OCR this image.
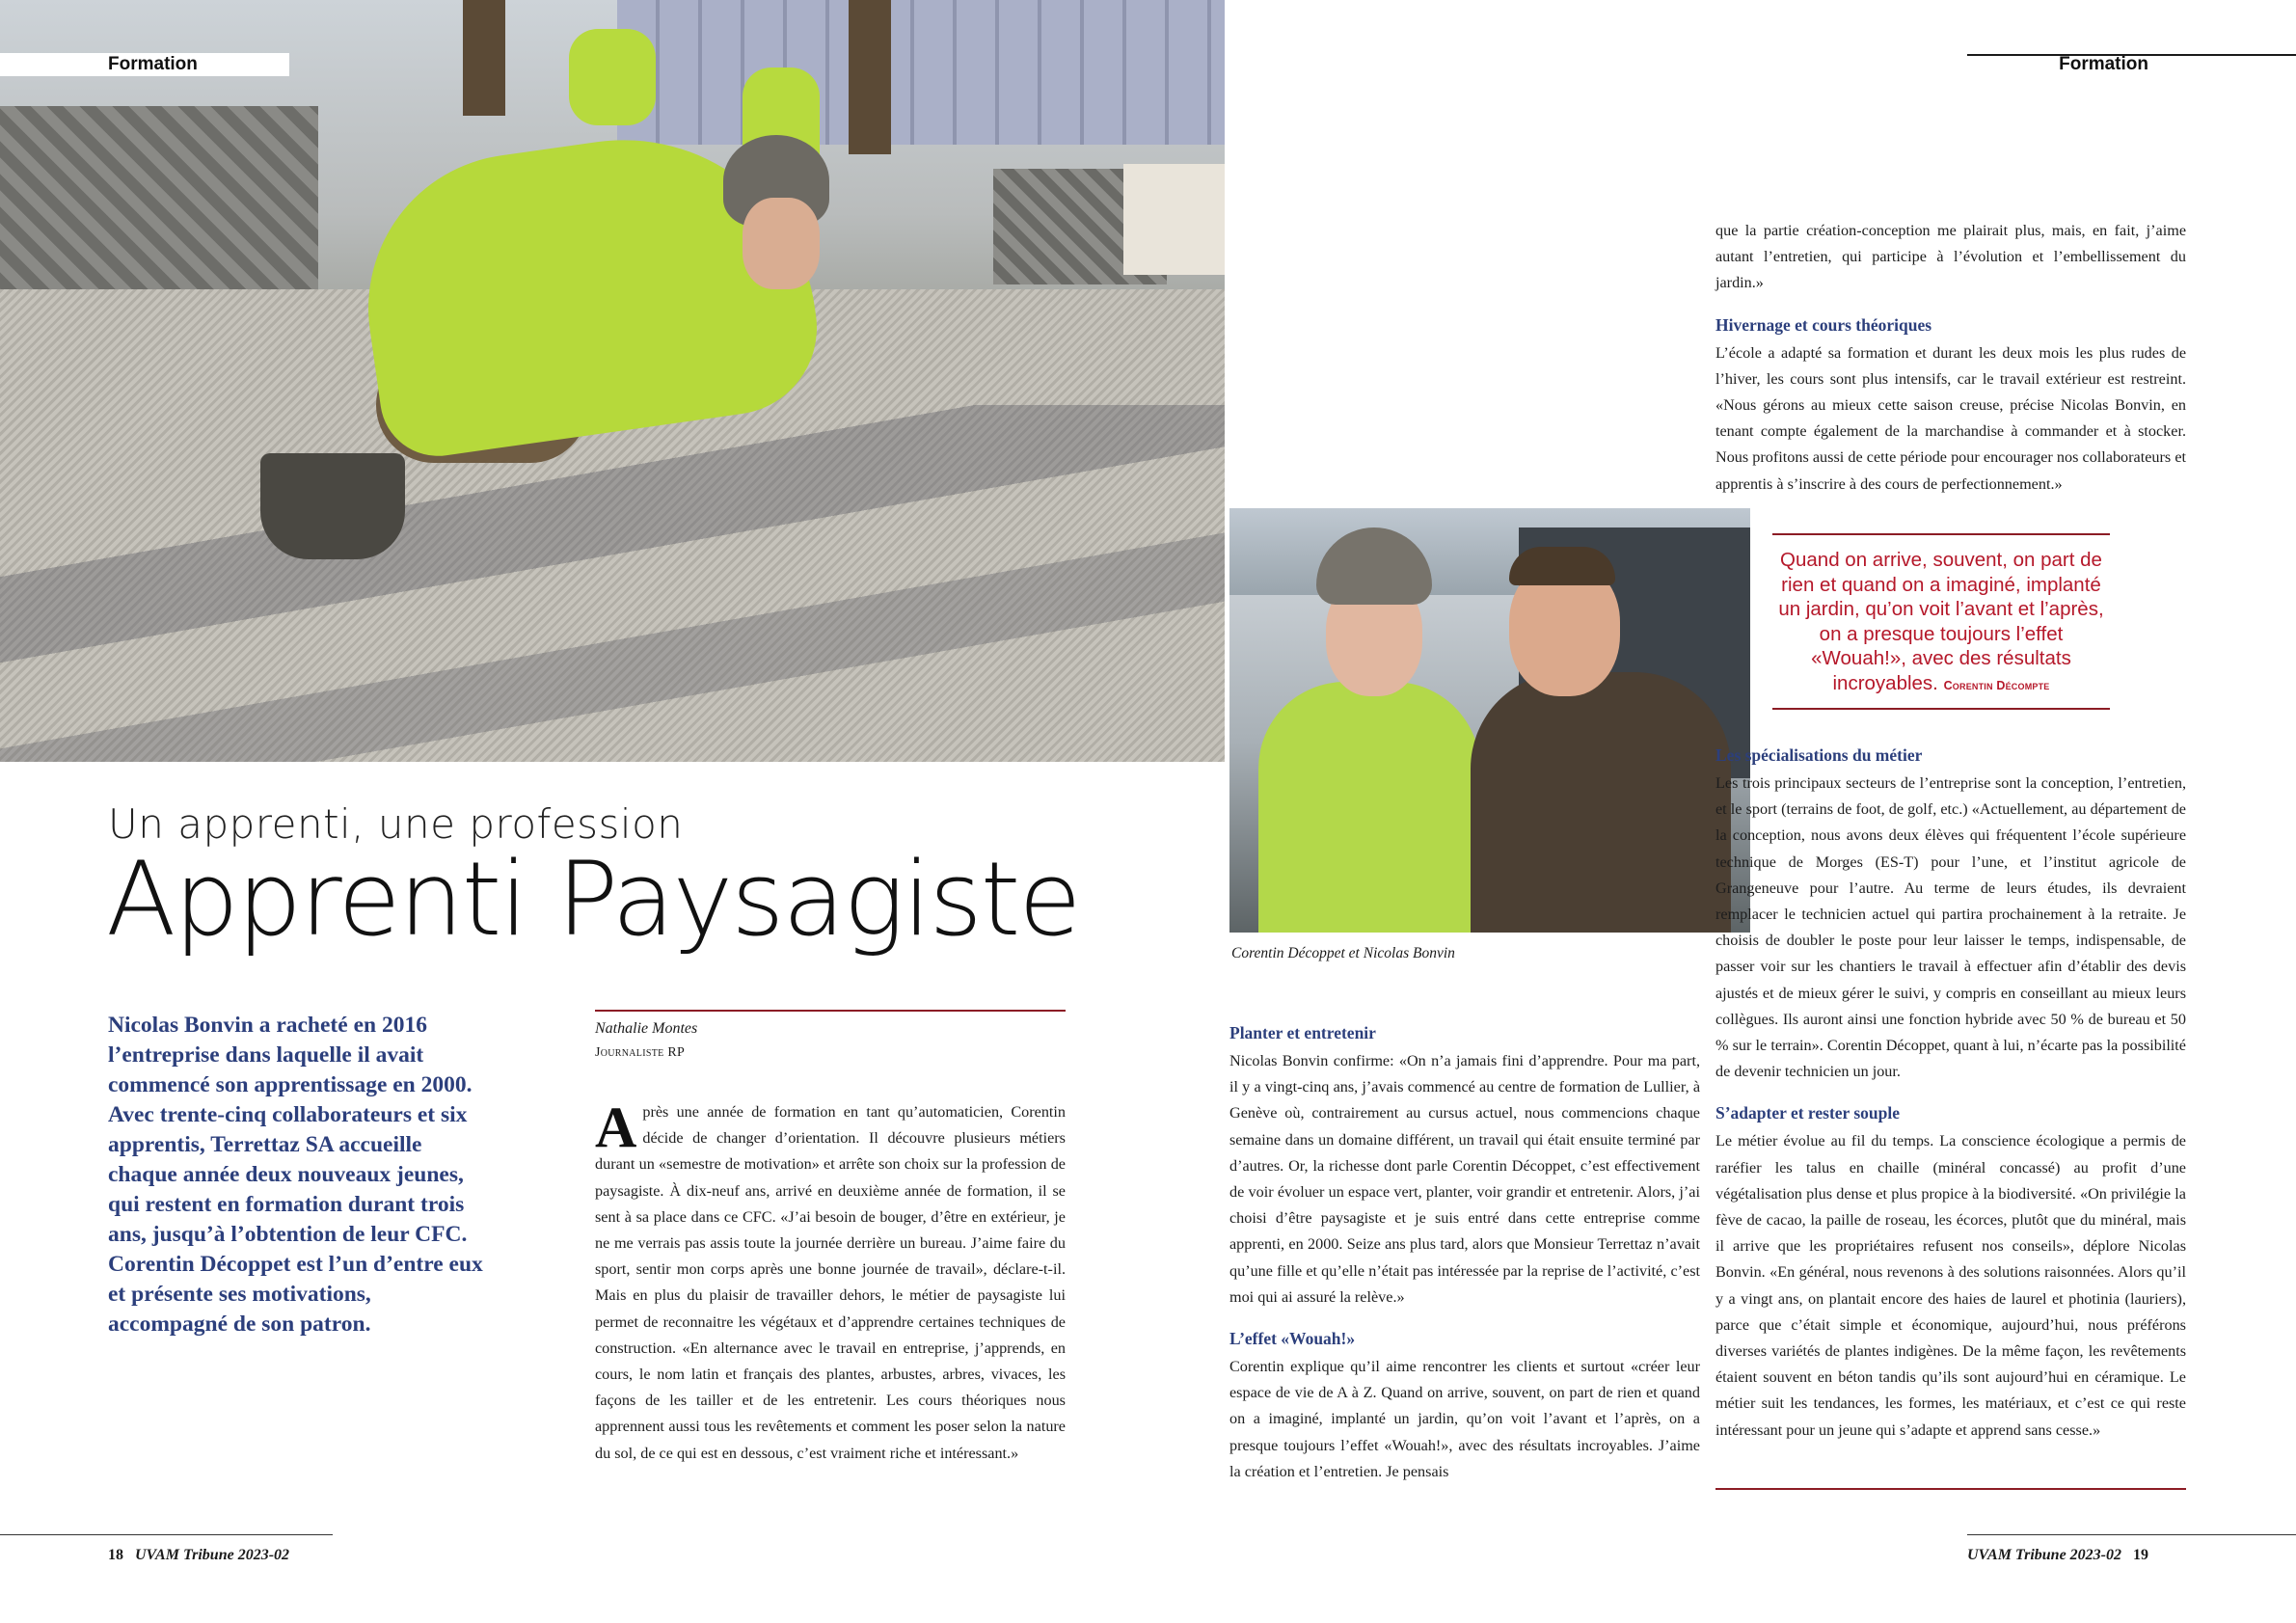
Formation	Formation
Corentin Décoppet et Nicolas Bonvin
Un apprenti, une profession
Apprenti Paysagiste
Nicolas Bonvin a racheté en 2016 l’entreprise dans laquelle il avait commencé son apprentissage en 2000. Avec trente-cinq collaborateurs et six apprentis, Terrettaz SA accueille chaque année deux nouveaux jeunes, qui restent en formation durant trois ans, jusqu’à l’obtention de leur CFC. Corentin Décoppet est l’un d’entre eux et présente ses motivations, accompagné de son patron.
Nathalie Montes
Journaliste RP

Après une année de formation en tant qu’automaticien, Corentin décide de changer d’orientation. Il découvre plusieurs métiers durant un «semestre de motivation» et arrête son choix sur la profession de paysagiste. À dix-neuf ans, arrivé en deuxième année de formation, il se sent à sa place dans ce CFC. «J’ai besoin de bouger, d’être en extérieur, je ne me verrais pas assis toute la journée derrière un bureau. J’aime faire du sport, sentir mon corps après une bonne journée de travail», déclare-t-il. Mais en plus du plaisir de travailler dehors, le métier de paysagiste lui permet de reconnaitre les végétaux et d’apprendre certaines techniques de construction. «En alternance avec le travail en entreprise, j’apprends, en cours, le nom latin et français des plantes, arbustes, arbres, vivaces, les façons de les tailler et de les entretenir. Les cours théoriques nous apprennent aussi tous les revêtements et comment les poser selon la nature du sol, de ce qui est en dessous, c’est vraiment riche et intéressant.»

Planter et entretenir

Nicolas Bonvin confirme: «On n’a jamais fini d’apprendre. Pour ma part, il y a vingt-cinq ans, j’avais commencé au centre de formation de Lullier, à Genève où, contrairement au cursus actuel, nous commencions chaque semaine dans un domaine différent, un travail qui était ensuite terminé par d’autres. Or, la richesse dont parle Corentin Décoppet, c’est effectivement de voir évoluer un espace vert, planter, voir grandir et entretenir. Alors, j’ai choisi d’être paysagiste et je suis entré dans cette entreprise comme apprenti, en 2000. Seize ans plus tard, alors que Monsieur Terrettaz n’avait qu’une fille et qu’elle n’était pas intéressée par la reprise de l’activité, c’est moi qui ai assuré la relève.»

L’effet «Wouah!»

Corentin explique qu’il aime rencontrer les clients et surtout «créer leur espace de vie de A à Z. Quand on arrive, souvent, on part de rien et quand on a imaginé, implanté un jardin, qu’on voit l’avant et l’après, on a presque toujours l’effet «Wouah!», avec des résultats incroyables. J’aime la création et l’entretien. Je pensais

que la partie création-conception me plairait plus, mais, en fait, j’aime autant l’entretien, qui participe à l’évolution et l’embellissement du jardin.»

Hivernage et cours théoriques

L’école a adapté sa formation et durant les deux mois les plus rudes de l’hiver, les cours sont plus intensifs, car le travail extérieur est restreint. «Nous gérons au mieux cette saison creuse, précise Nicolas Bonvin, en tenant compte également de la marchandise à commander et à stocker. Nous profitons aussi de cette période pour encourager nos collaborateurs et apprentis à s’inscrire à des cours de perfectionnement.»

Quand on arrive, souvent, on part de rien et quand on a imaginé, implanté un jardin, qu’on voit l’avant et l’après, on a presque toujours l’effet «Wouah!», avec des résultats incroyables. Corentin Décompte
Les spécialisations du métier

Les trois principaux secteurs de l’entreprise sont la conception, l’entretien, et le sport (terrains de foot, de golf, etc.) «Actuellement, au département de la conception, nous avons deux élèves qui fréquentent l’école supérieure technique de Morges (ES-T) pour l’une, et l’institut agricole de Grangeneuve pour l’autre. Au terme de leurs études, ils devraient remplacer le technicien actuel qui partira prochainement à la retraite. Je choisis de doubler le poste pour leur laisser le temps, indispensable, de passer voir sur les chantiers le travail à effectuer afin d’établir des devis ajustés et de mieux gérer le suivi, y compris en conseillant au mieux leurs collègues. Ils auront ainsi une fonction hybride avec 50 % de bureau et 50 % sur le terrain». Corentin Décoppet, quant à lui, n’écarte pas la possibilité de devenir technicien un jour.

S’adapter et rester souple

Le métier évolue au fil du temps. La conscience écologique a permis de raréfier les talus en chaille (minéral concassé) au profit d’une végétalisation plus dense et plus propice à la biodiversité. «On privilégie la fève de cacao, la paille de roseau, les écorces, plutôt que du minéral, mais il arrive que les propriétaires refusent nos conseils», déplore Nicolas Bonvin. «En général, nous revenons à des solutions raisonnées. Alors qu’il y a vingt ans, on plantait encore des haies de laurel et photinia (lauriers), parce que c’était simple et économique, aujourd’hui, nous préférons diverses variétés de plantes indigènes. De la même façon, les revêtements étaient souvent en béton tandis qu’ils sont aujourd’hui en céramique. Le métier suit les tendances, les formes, les matériaux, et c’est ce qui reste intéressant pour un jeune qui s’adapte et apprend sans cesse.»

18 UVAM Tribune 2023-02	UVAM Tribune 2023-02 19
